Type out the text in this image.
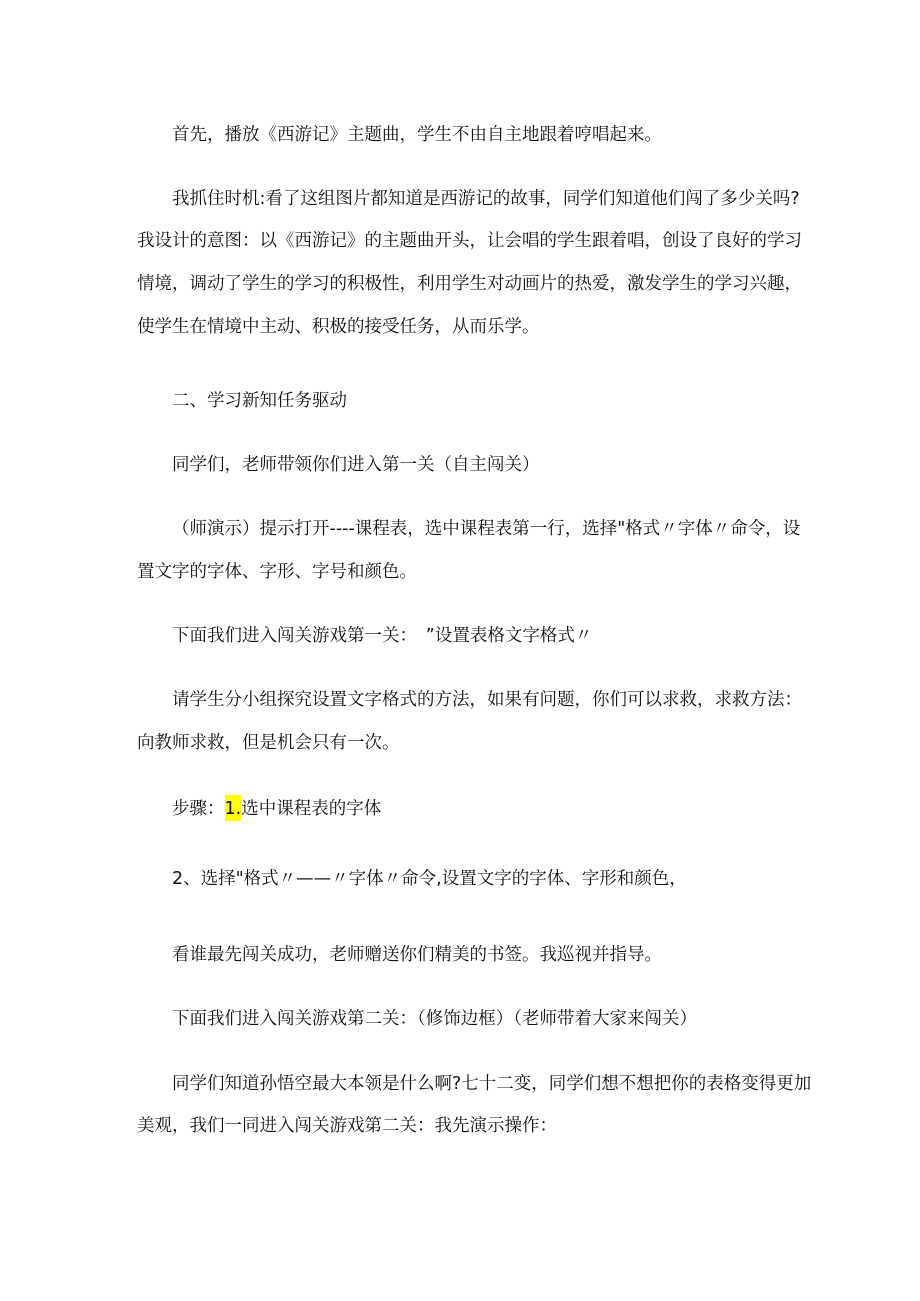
首先，播放《西游记》主题曲，学生不由自主地跟着哼唱起来。
我抓住时机:看了这组图片都知道是西游记的故事，同学们知道他们闯了多少关吗?
我设计的意图：以《西游记》的主题曲开头，让会唱的学生跟着唱，创设了良好的学习
情境，调动了学生的学习的积极性，利用学生对动画片的热爱，激发学生的学习兴趣，
使学生在情境中主动、积极的接受任务，从而乐学。
二、学习新知任务驱动
同学们，老师带领你们进入第一关（自主闯关）
（师演示）提示打开----课程表，选中课程表第一行，选择"格式〃字体〃命令，设
置文字的字体、字形、字号和颜色。
下面我们进入闯关游戏第一关：　”设置表格文字格式〃
请学生分小组探究设置文字格式的方法，如果有问题，你们可以求救，求救方法：
向教师求救，但是机会只有一次。
步骤：1.选中课程表的字体
2、选择"格式〃——〃字体〃命令,设置文字的字体、字形和颜色，
看谁最先闯关成功，老师赠送你们精美的书签。我巡视并指导。
下面我们进入闯关游戏第二关：（修饰边框）（老师带着大家来闯关）
同学们知道孙悟空最大本领是什么啊?七十二变，同学们想不想把你的表格变得更加
美观，我们一同进入闯关游戏第二关：我先演示操作：
